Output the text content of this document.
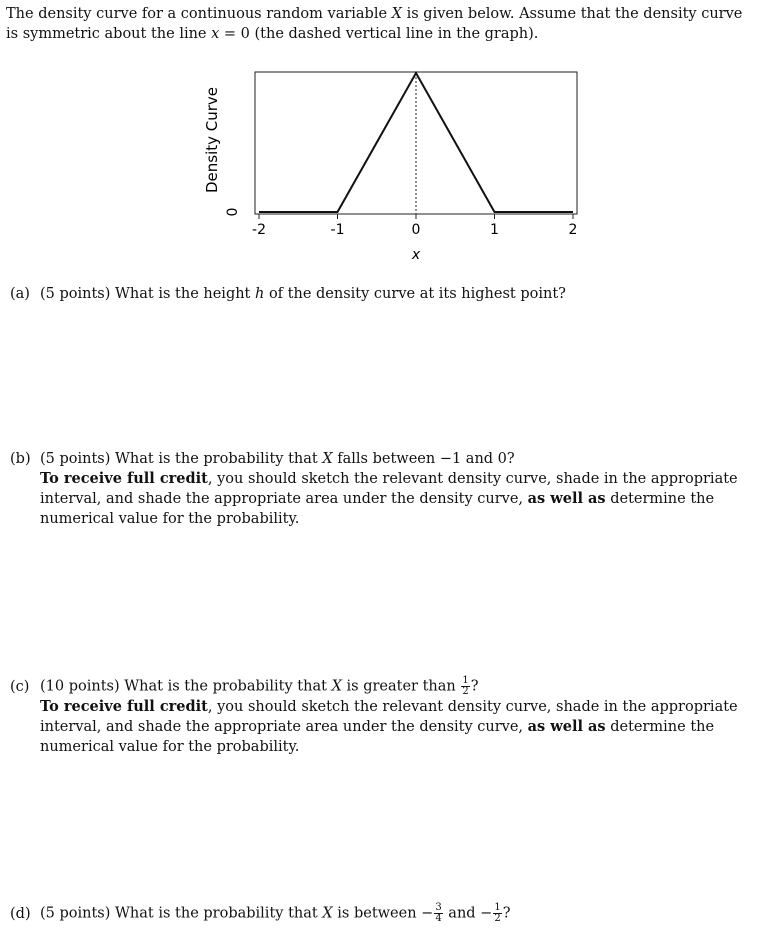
The density curve for a continuous random variable X is given below. Assume that the density curve is symmetric about the line x = 0 (the dashed vertical line in the graph).

-2	-1	0	1	2
0
x
Density Curve
(a) (5 points) What is the height h of the density curve at its highest point?
(b) (5 points) What is the probability that X falls between −1 and 0?
To receive full credit, you should sketch the relevant density curve, shade in the appropriate interval, and shade the appropriate area under the density curve, as well as determine the numerical value for the probability.
(c) (10 points) What is the probability that X is greater than $\frac{1}{2}$ ?
To receive full credit, you should sketch the relevant density curve, shade in the appropriate interval, and shade the appropriate area under the density curve, as well as determine the numerical value for the probability.
(d) (5 points) What is the probability that X is between − $\frac{3}{4}$ and − $\frac{1}{2}$ ?
